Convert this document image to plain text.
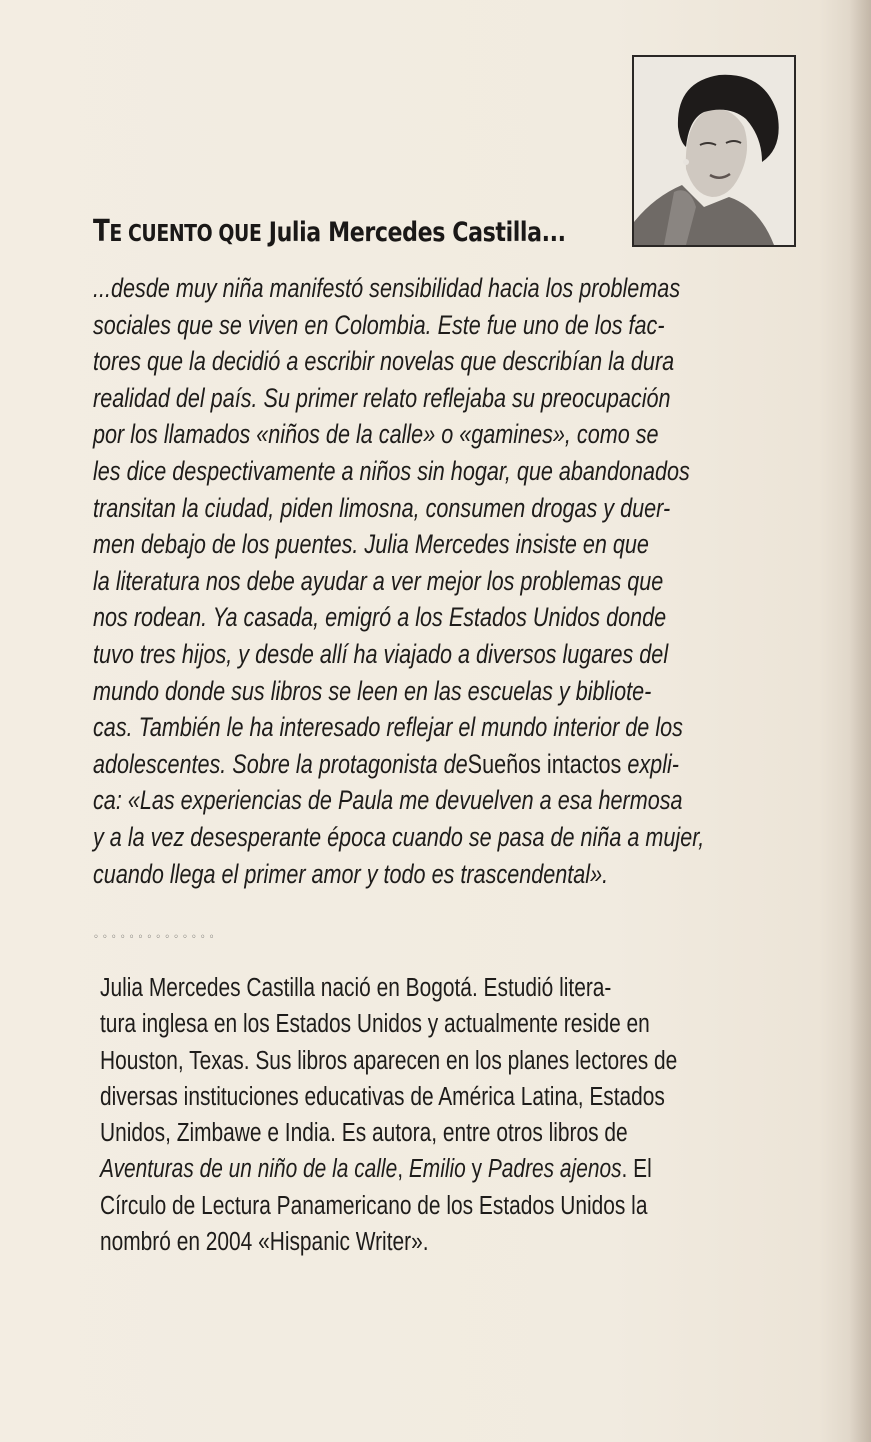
TE CUENTO QUE Julia Mercedes Castilla...
...desde muy niña manifestó sensibilidad hacia los problemas
sociales que se viven en Colombia. Este fue uno de los fac-
tores que la decidió a escribir novelas que describían la dura
realidad del país. Su primer relato reflejaba su preocupación
por los llamados «niños de la calle» o «gamines», como se
les dice despectivamente a niños sin hogar, que abandonados
transitan la ciudad, piden limosna, consumen drogas y duer-
men debajo de los puentes. Julia Mercedes insiste en que
la literatura nos debe ayudar a ver mejor los problemas que
nos rodean. Ya casada, emigró a los Estados Unidos donde
tuvo tres hijos, y desde allí ha viajado a diversos lugares del
mundo donde sus libros se leen en las escuelas y bibliote-
cas. También le ha interesado reflejar el mundo interior de los
adolescentes. Sobre la protagonista deSueños intactos expli-
ca: «Las experiencias de Paula me devuelven a esa hermosa
y a la vez desesperante época cuando se pasa de niña a mujer,
cuando llega el primer amor y todo es trascendental».
◦◦◦◦◦◦◦◦◦◦◦◦◦◦
Julia Mercedes Castilla nació en Bogotá. Estudió litera-
tura inglesa en los Estados Unidos y actualmente reside en
Houston, Texas. Sus libros aparecen en los planes lectores de
diversas instituciones educativas de América Latina, Estados
Unidos, Zimbawe e India. Es autora, entre otros libros de
Aventuras de un niño de la calle, Emilio y Padres ajenos. El
Círculo de Lectura Panamericano de los Estados Unidos la
nombró en 2004 «Hispanic Writer».
